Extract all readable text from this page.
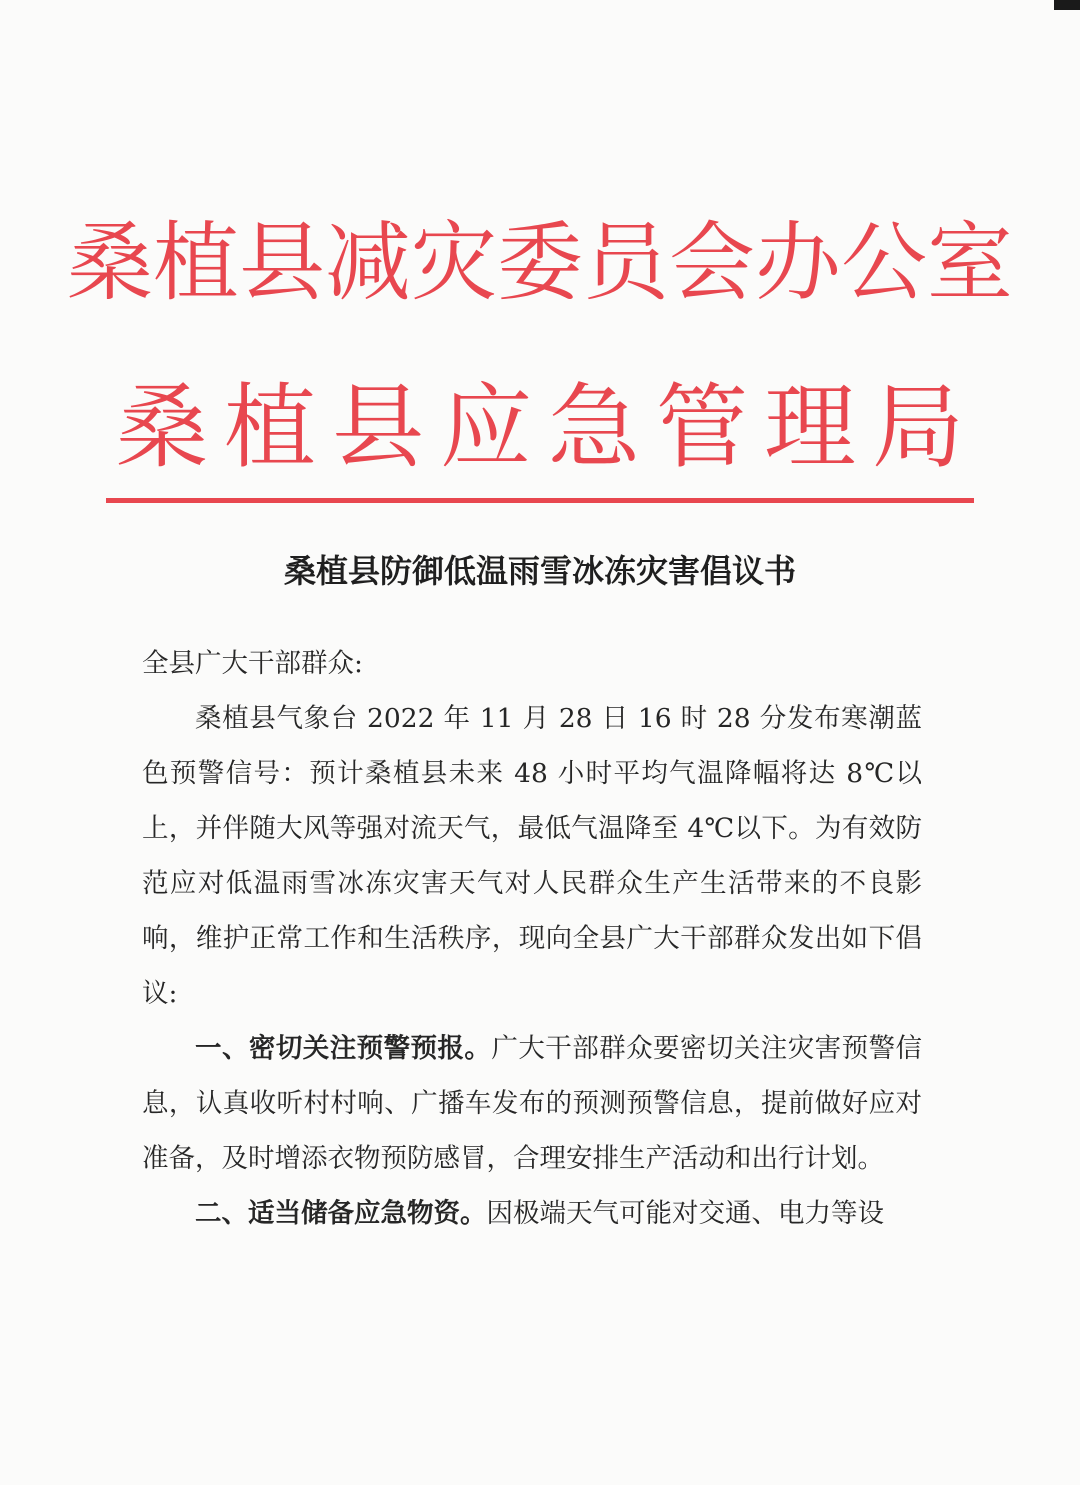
桑植县减灾委员会办公室
桑植县应急管理局
桑植县防御低温雨雪冰冻灾害倡议书

全县广大干部群众:

桑植县气象台 2022 年 11 月 28 日 16 时 28 分发布寒潮蓝色预警信号：预计桑植县未来 48 小时平均气温降幅将达 8℃以上，并伴随大风等强对流天气，最低气温降至 4℃以下。为有效防范应对低温雨雪冰冻灾害天气对人民群众生产生活带来的不良影响，维护正常工作和生活秩序，现向全县广大干部群众发出如下倡议:

一、密切关注预警预报。广大干部群众要密切关注灾害预警信息，认真收听村村响、广播车发布的预测预警信息，提前做好应对准备，及时增添衣物预防感冒，合理安排生产活动和出行计划。

二、适当储备应急物资。因极端天气可能对交通、电力等设
